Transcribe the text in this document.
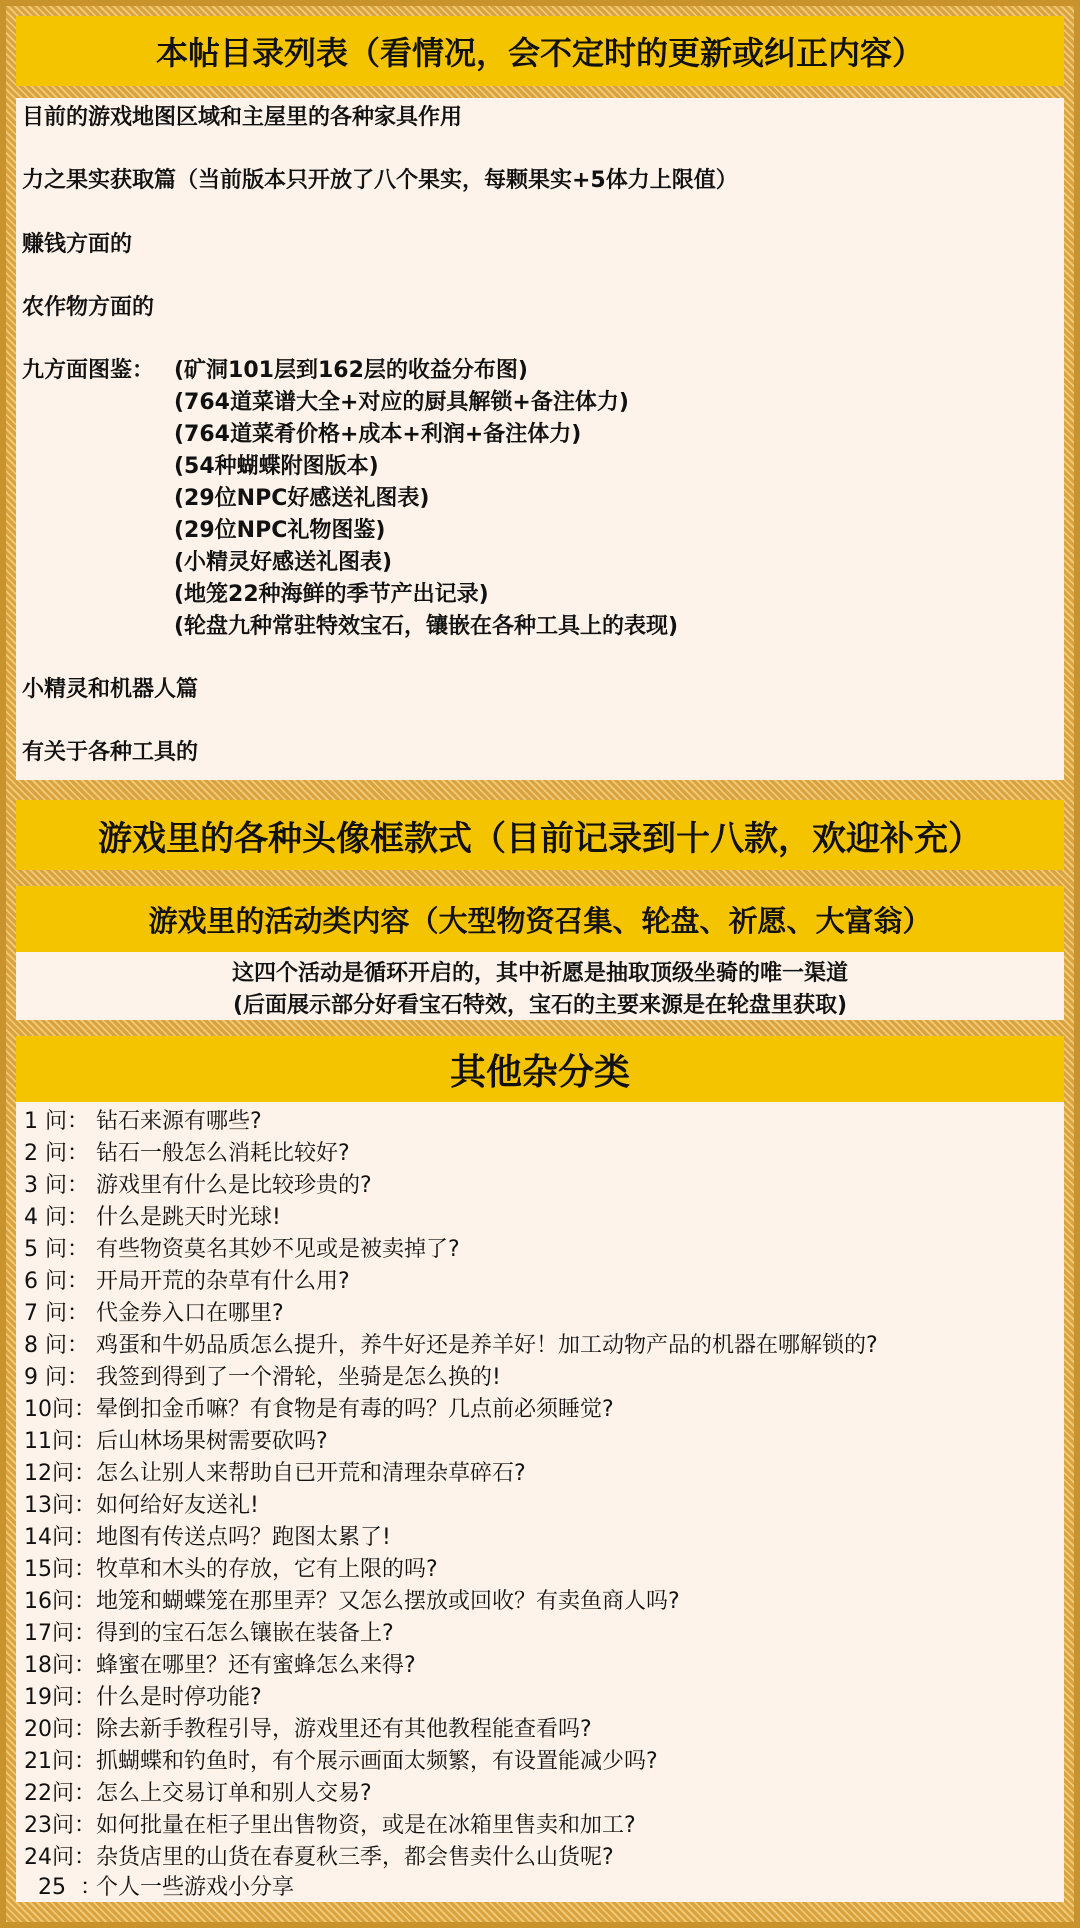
本帖目录列表（看情况，会不定时的更新或纠正内容）
目前的游戏地图区域和主屋里的各种家具作用
力之果实获取篇（当前版本只开放了八个果实，每颗果实+5体力上限值）
赚钱方面的
农作物方面的
九方面图鉴： (矿洞101层到162层的收益分布图)
(764道菜谱大全+对应的厨具解锁+备注体力)
(764道菜肴价格+成本+利润+备注体力)
(54种蝴蝶附图版本)
(29位NPC好感送礼图表)
(29位NPC礼物图鉴)
(小精灵好感送礼图表)
(地笼22种海鲜的季节产出记录)
(轮盘九种常驻特效宝石，镶嵌在各种工具上的表现)
小精灵和机器人篇
有关于各种工具的
游戏里的各种头像框款式（目前记录到十八款，欢迎补充）
游戏里的活动类内容（大型物资召集、轮盘、祈愿、大富翁）
这四个活动是循环开启的，其中祈愿是抽取顶级坐骑的唯一渠道
(后面展示部分好看宝石特效，宝石的主要来源是在轮盘里获取)
其他杂分类
1 问： 钻石来源有哪些?
2 问： 钻石一般怎么消耗比较好?
3 问： 游戏里有什么是比较珍贵的?
4 问： 什么是跳天时光球!
5 问： 有些物资莫名其妙不见或是被卖掉了?
6 问： 开局开荒的杂草有什么用?
7 问： 代金券入口在哪里?
8 问： 鸡蛋和牛奶品质怎么提升，养牛好还是养羊好！加工动物产品的机器在哪解锁的?
9 问： 我签到得到了一个滑轮，坐骑是怎么换的!
10问：晕倒扣金币嘛？有食物是有毒的吗？几点前必须睡觉?
11问：后山林场果树需要砍吗?
12问：怎么让别人来帮助自已开荒和清理杂草碎石?
13问：如何给好友送礼!
14问：地图有传送点吗？跑图太累了!
15问：牧草和木头的存放，它有上限的吗?
16问：地笼和蝴蝶笼在那里弄？又怎么摆放或回收？有卖鱼商人吗?
17问：得到的宝石怎么镶嵌在装备上?
18问：蜂蜜在哪里？还有蜜蜂怎么来得?
19问：什么是时停功能?
20问：除去新手教程引导，游戏里还有其他教程能查看吗?
21问：抓蝴蝶和钓鱼时，有个展示画面太频繁，有设置能减少吗?
22问：怎么上交易订单和别人交易?
23问：如何批量在柜子里出售物资，或是在冰箱里售卖和加工?
24问：杂货店里的山货在春夏秋三季，都会售卖什么山货呢?
25  ：个人一些游戏小分享
